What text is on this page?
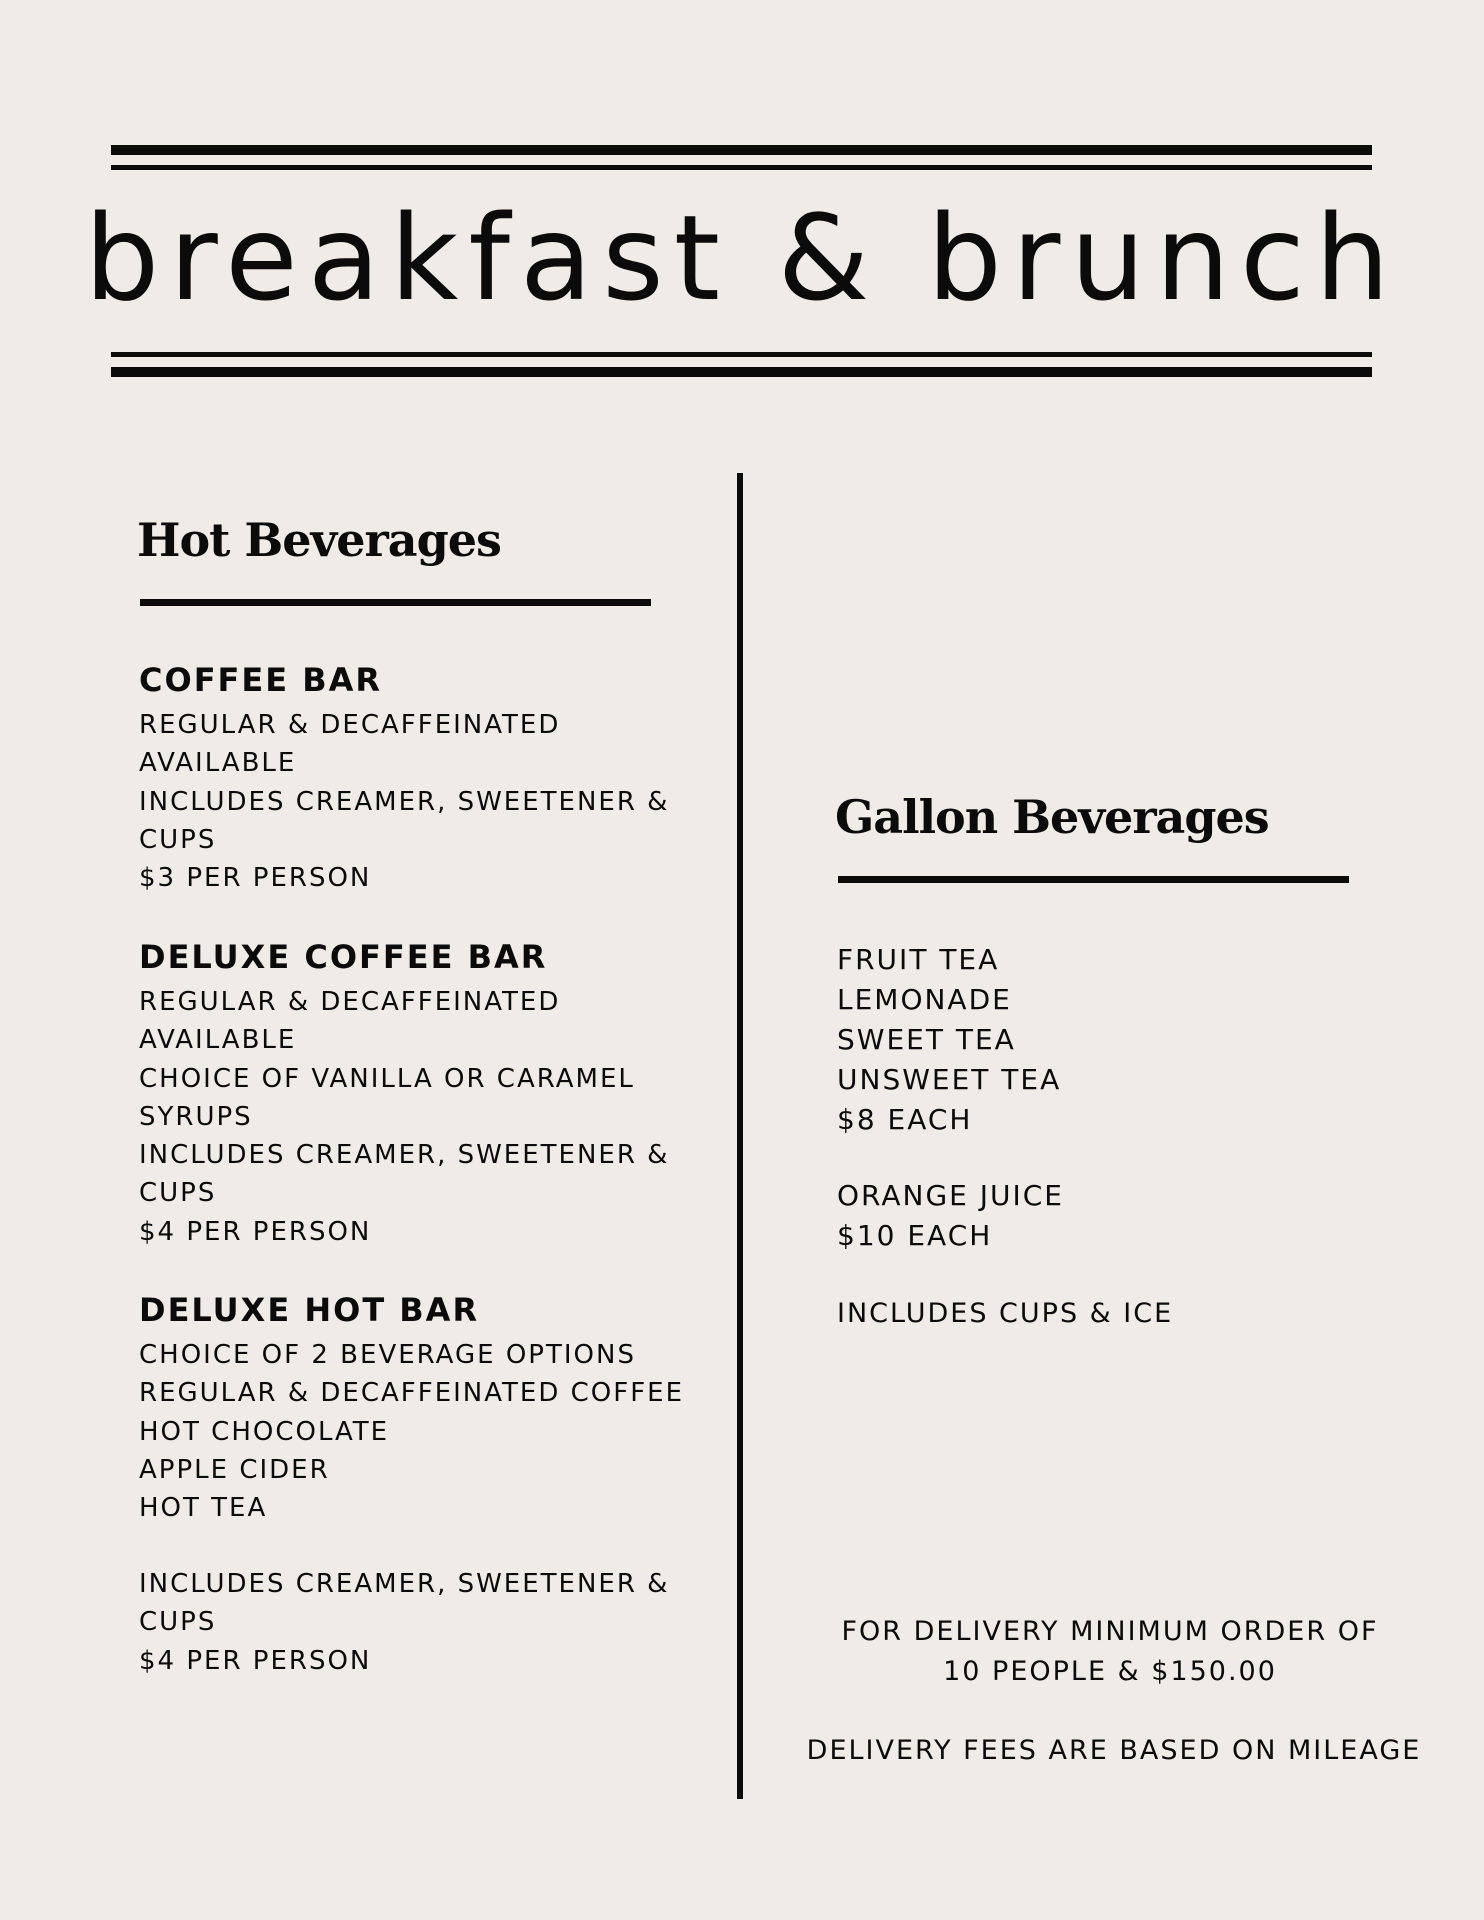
breakfast & brunch
Hot Beverages
COFFEE BAR
REGULAR & DECAFFEINATED
AVAILABLE
INCLUDES CREAMER, SWEETENER &
CUPS
$3 PER PERSON
DELUXE COFFEE BAR
REGULAR & DECAFFEINATED
AVAILABLE
CHOICE OF VANILLA OR CARAMEL
SYRUPS
INCLUDES CREAMER, SWEETENER &
CUPS
$4 PER PERSON
DELUXE HOT BAR
CHOICE OF 2 BEVERAGE OPTIONS
REGULAR & DECAFFEINATED COFFEE
HOT CHOCOLATE
APPLE CIDER
HOT TEA
INCLUDES CREAMER, SWEETENER &
CUPS
$4 PER PERSON
Gallon Beverages
FRUIT TEA
LEMONADE
SWEET TEA
UNSWEET TEA
$8 EACH
ORANGE JUICE
$10 EACH
INCLUDES CUPS & ICE
FOR DELIVERY MINIMUM ORDER OF
10 PEOPLE & $150.00
DELIVERY FEES ARE BASED ON MILEAGE
